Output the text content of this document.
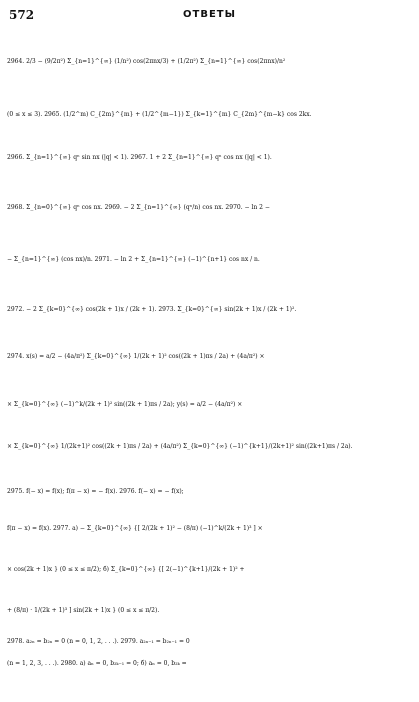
572	ОТВЕТЫ
2964. 2/3 − (9/2π²) Σ_{n=1}^{∞} (1/n²) cos(2πnx/3) + (1/2π²) Σ_{n=1}^{∞} cos(2πnx)/n²
(0 ≤ x ≤ 3). 2965. (1/2^m) C_{2m}^{m} + (1/2^{m−1}) Σ_{k=1}^{m} C_{2m}^{m−k} cos 2kx.
2966. Σ_{n=1}^{∞} qⁿ sin nx (|q| < 1). 2967. 1 + 2 Σ_{n=1}^{∞} qⁿ cos nx (|q| < 1).
2968. Σ_{n=0}^{∞} qⁿ cos nx. 2969. − 2 Σ_{n=1}^{∞} (qⁿ/n) cos nx. 2970. − ln 2 −
− Σ_{n=1}^{∞} (cos nx)/n. 2971. − ln 2 + Σ_{n=1}^{∞} (−1)^{n+1} cos nx / n.
2972. − 2 Σ_{k=0}^{∞} cos(2k + 1)x / (2k + 1). 2973. Σ_{k=0}^{∞} sin(2k + 1)x / (2k + 1)².
2974. x(s) = a/2 − (4a/π²) Σ_{k=0}^{∞} 1/(2k + 1)² cos((2k + 1)πs / 2a) + (4a/π²) ×
× Σ_{k=0}^{∞} (−1)^k/(2k + 1)² sin((2k + 1)πs / 2a); y(s) = a/2 − (4a/π²) ×
× Σ_{k=0}^{∞} 1/(2k+1)² cos((2k + 1)πs / 2a) + (4a/π²) Σ_{k=0}^{∞} (−1)^{k+1}/(2k+1)² sin((2k+1)πs / 2a).
2975. f(− x) = f(x); f(π − x) = − f(x). 2976. f(− x) = − f(x);
f(π − x) = f(x). 2977. а) − Σ_{k=0}^{∞} {[ 2/(2k + 1)² − (8/π) (−1)^k/(2k + 1)³ ] ×
× cos(2k + 1)x } (0 ≤ x ≤ π/2); б) Σ_{k=0}^{∞} {[ 2(−1)^{k+1}/(2k + 1)² +
+ (8/π) · 1/(2k + 1)³ ] sin(2k + 1)x } (0 ≤ x ≤ π/2).
2978. a₂ₙ = b₂ₙ = 0 (n = 0, 1, 2, . . .). 2979. a₂ₙ₋₁ = b₂ₙ₋₁ = 0
(n = 1, 2, 3, . . .). 2980. а) aₙ = 0, b₂ₖ₋₁ = 0; б) aₙ = 0, b₂ₖ =
